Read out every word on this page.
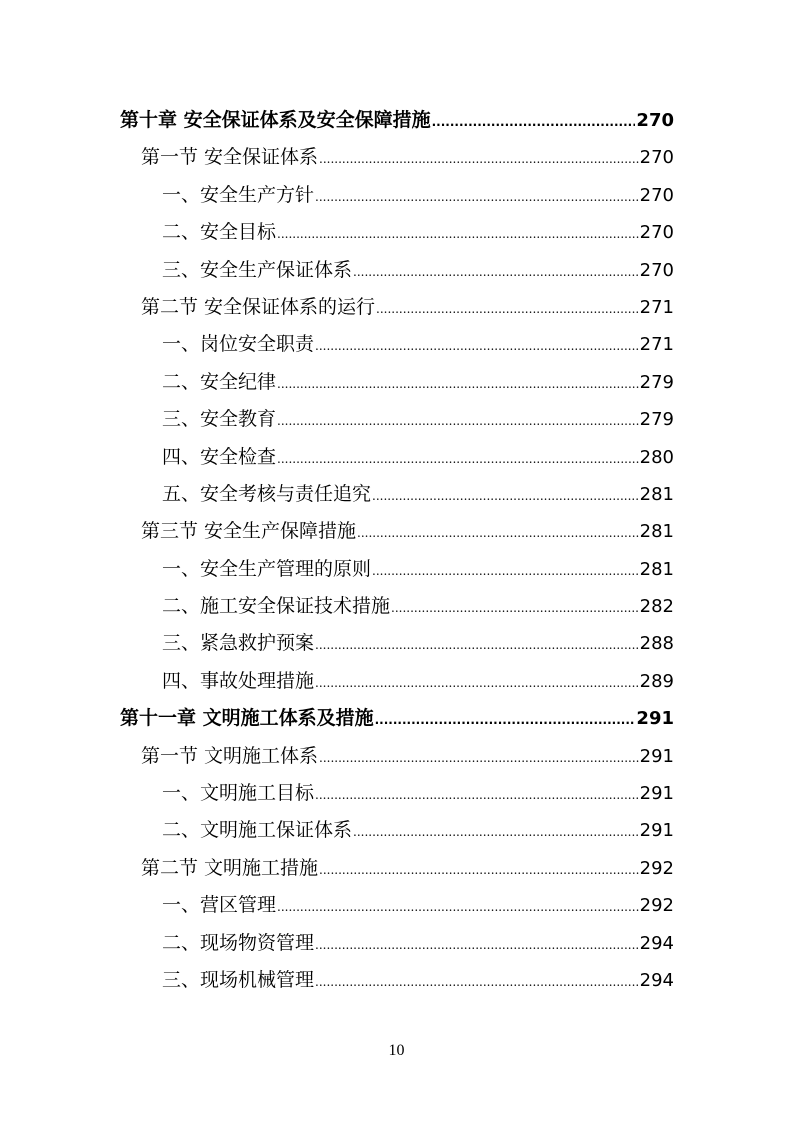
第十章 安全保证体系及安全保障措施 .....	270
第一节 安全保证体系 .....	270
一、安全生产方针 .....	270
二、安全目标 .....	270
三、安全生产保证体系 .....	270
第二节 安全保证体系的运行 .....	271
一、岗位安全职责 .....	271
二、安全纪律 .....	279
三、安全教育 .....	279
四、安全检查 .....	280
五、安全考核与责任追究 .....	281
第三节 安全生产保障措施 .....	281
一、安全生产管理的原则 .....	281
二、施工安全保证技术措施 .....	282
三、紧急救护预案 .....	288
四、事故处理措施 .....	289
第十一章 文明施工体系及措施 .....	291
第一节 文明施工体系 .....	291
一、文明施工目标 .....	291
二、文明施工保证体系 .....	291
第二节 文明施工措施 .....	292
一、营区管理 .....	292
二、现场物资管理 .....	294
三、现场机械管理 .....	294
10
